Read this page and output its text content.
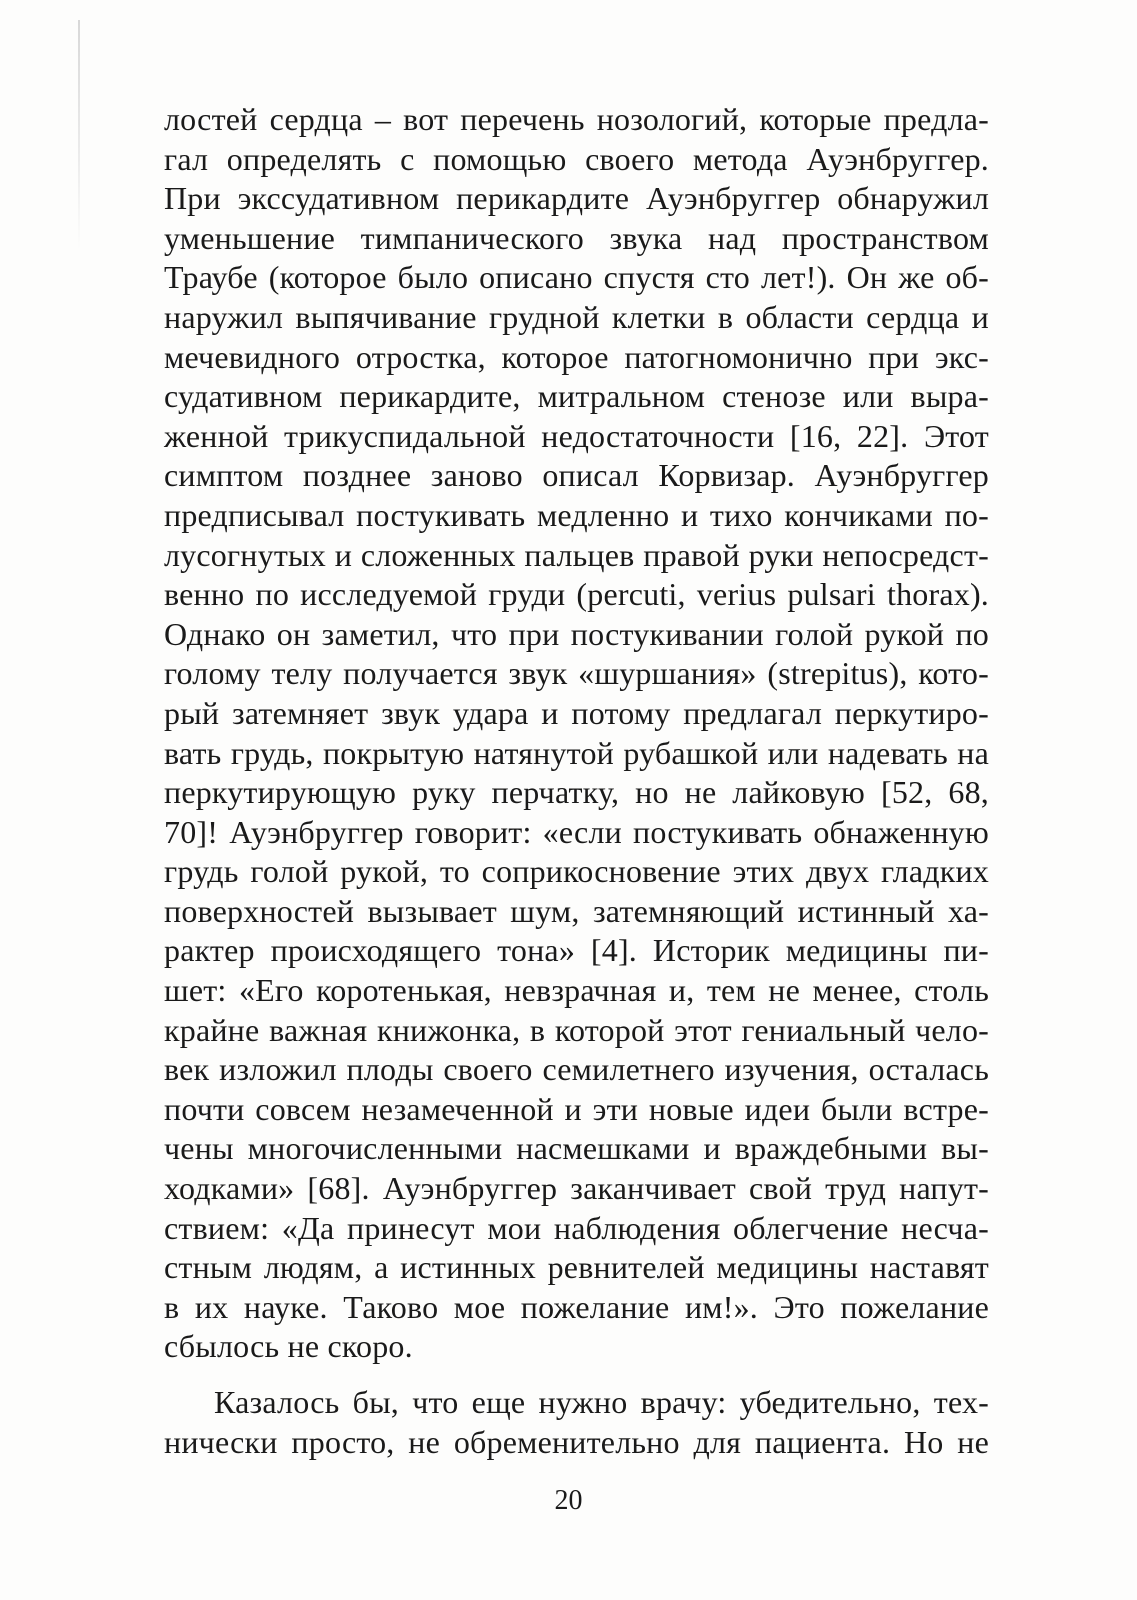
лостей сердца – вот перечень нозологий, которые предла-
гал определять с помощью своего метода Ауэнбруггер.
При экссудативном перикардите Ауэнбруггер обнаружил
уменьшение тимпанического звука над пространством
Траубе (которое было описано спустя сто лет!). Он же об-
наружил выпячивание грудной клетки в области сердца и
мечевидного отростка, которое патогномонично при экс-
судативном перикардите, митральном стенозе или выра-
женной трикуспидальной недостаточности [16, 22]. Этот
симптом позднее заново описал Корвизар. Ауэнбруггер
предписывал постукивать медленно и тихо кончиками по-
лусогнутых и сложенных пальцев правой руки непосредст-
венно по исследуемой груди (percuti, verius pulsari thorax).
Однако он заметил, что при постукивании голой рукой по
голому телу получается звук «шуршания» (strepitus), кото-
рый затемняет звук удара и потому предлагал перкутиро-
вать грудь, покрытую натянутой рубашкой или надевать на
перкутирующую руку перчатку, но не лайковую [52, 68,
70]! Ауэнбруггер говорит: «если постукивать обнаженную
грудь голой рукой, то соприкосновение этих двух гладких
поверхностей вызывает шум, затемняющий истинный ха-
рактер происходящего тона» [4]. Историк медицины пи-
шет: «Его коротенькая, невзрачная и, тем не менее, столь
крайне важная книжонка, в которой этот гениальный чело-
век изложил плоды своего семилетнего изучения, осталась
почти совсем незамеченной и эти новые идеи были встре-
чены многочисленными насмешками и враждебными вы-
ходками» [68]. Ауэнбруггер заканчивает свой труд напут-
ствием: «Да принесут мои наблюдения облегчение несча-
стным людям, а истинных ревнителей медицины наставят
в их науке. Таково мое пожелание им!». Это пожелание
сбылось не скоро.
Казалось бы, что еще нужно врачу: убедительно, тех-
нически просто, не обременительно для пациента. Но не
20
